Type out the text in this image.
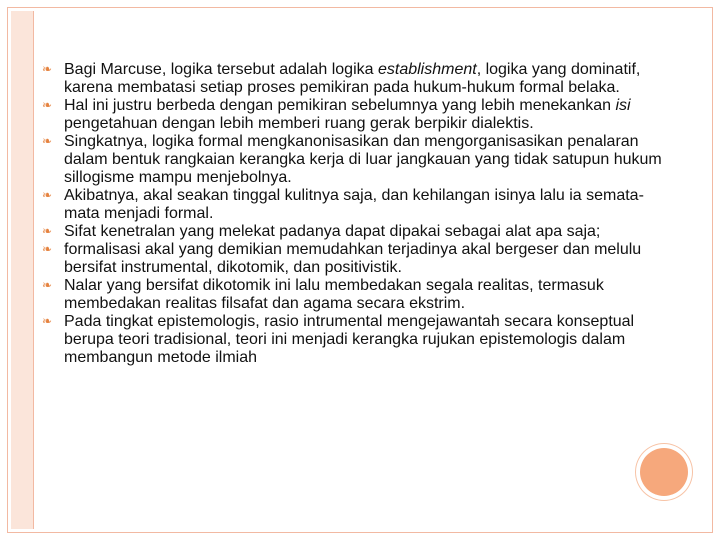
❧ Bagi Marcuse, logika tersebut adalah logika establishment, logika yang dominatif, karena membatasi setiap proses pemikiran pada hukum-hukum formal belaka.
❧ Hal ini justru berbeda dengan pemikiran sebelumnya yang lebih menekankan isi pengetahuan dengan lebih memberi ruang gerak berpikir dialektis.
❧ Singkatnya, logika formal mengkanonisasikan dan mengorganisasikan penalaran dalam bentuk rangkaian kerangka kerja di luar jangkauan yang tidak satupun hukum sillogisme mampu menjebolnya.
❧ Akibatnya, akal seakan tinggal kulitnya saja, dan kehilangan isinya lalu ia semata-mata menjadi formal.
❧ Sifat kenetralan yang melekat padanya dapat dipakai sebagai alat apa saja;
❧ formalisasi akal yang demikian memudahkan terjadinya akal bergeser dan melulu bersifat instrumental, dikotomik, dan positivistik.
❧ Nalar yang bersifat dikotomik ini lalu membedakan segala realitas, termasuk membedakan realitas filsafat dan agama secara ekstrim.
❧ Pada tingkat epistemologis, rasio intrumental mengejawantah secara konseptual berupa teori tradisional, teori ini menjadi kerangka rujukan epistemologis dalam membangun metode ilmiah
